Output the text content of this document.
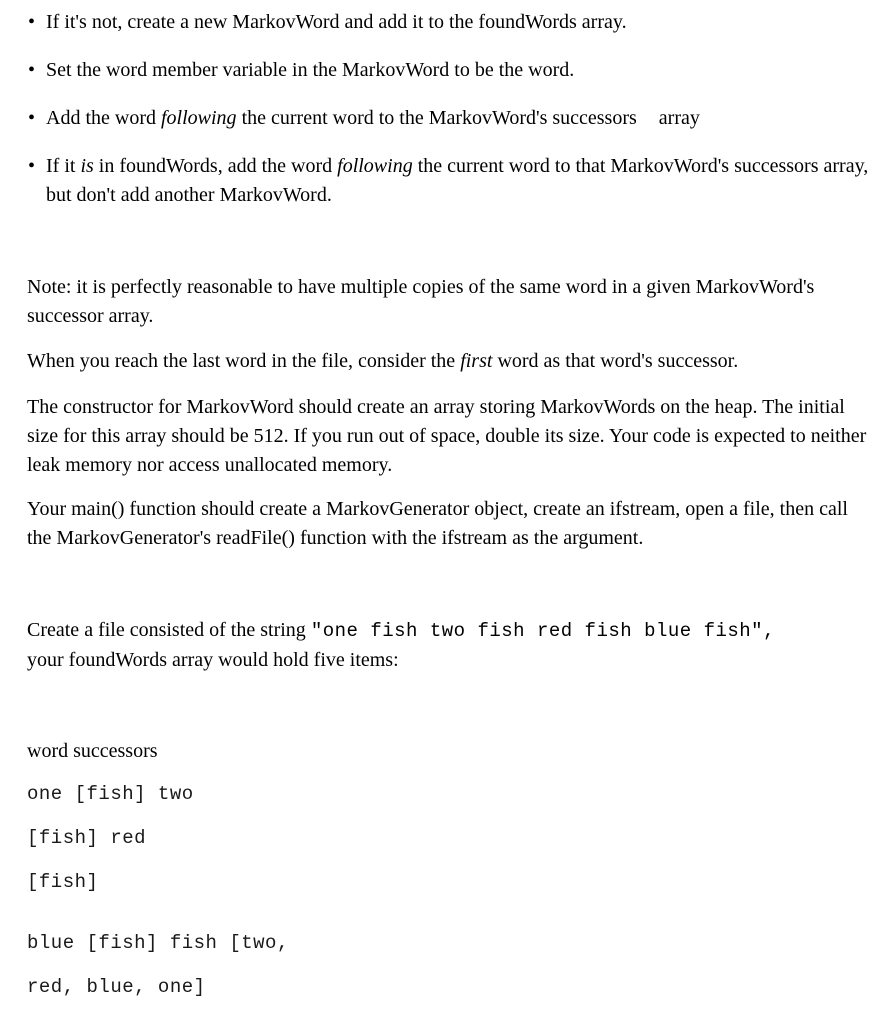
• If it's not, create a new MarkovWord and add it to the foundWords array.
• Set the word member variable in the MarkovWord to be the word.
• Add the word following the current word to the MarkovWord's successors array
• If it is in foundWords, add the word following the current word to that MarkovWord's successors array, but don't add another MarkovWord.

Note: it is perfectly reasonable to have multiple copies of the same word in a given MarkovWord's successor array.

When you reach the last word in the file, consider the first word as that word's successor.

The constructor for MarkovWord should create an array storing MarkovWords on the heap. The initial size for this array should be 512. If you run out of space, double its size. Your code is expected to neither leak memory nor access unallocated memory.

Your main() function should create a MarkovGenerator object, create an ifstream, open a file, then call the MarkovGenerator's readFile() function with the ifstream as the argument.

Create a file consisted of the string "one fish two fish red fish blue fish",
your foundWords array would hold five items:

word successors

one [fish] two
[fish] red
[fish]
blue [fish] fish [two,
red, blue, one]
